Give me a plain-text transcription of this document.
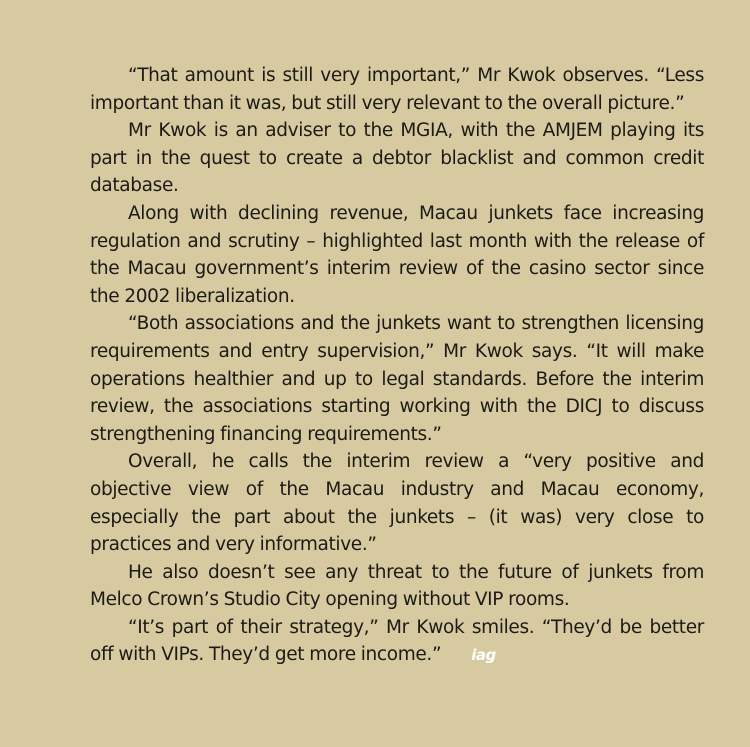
“That amount is still very important,” Mr Kwok observes. “Less important than it was, but still very relevant to the overall picture.”

Mr Kwok is an adviser to the MGIA, with the AMJEM playing its part in the quest to create a debtor blacklist and common credit database.

Along with declining revenue, Macau junkets face increasing regulation and scrutiny – highlighted last month with the release of the Macau government’s interim review of the casino sector since the 2002 liberalization.

“Both associations and the junkets want to strengthen licensing requirements and entry supervision,” Mr Kwok says. “It will make operations healthier and up to legal standards. Before the interim review, the associations starting working with the DICJ to discuss strengthening financing requirements.”

Overall, he calls the interim review a “very positive and objective view of the Macau industry and Macau economy, especially the part about the junkets – (it was) very close to practices and very informative.”

He also doesn’t see any threat to the future of junkets from Melco Crown’s Studio City opening without VIP rooms.

“It’s part of their strategy,” Mr Kwok smiles. “They’d be better off with VIPs. They’d get more income.” iag
